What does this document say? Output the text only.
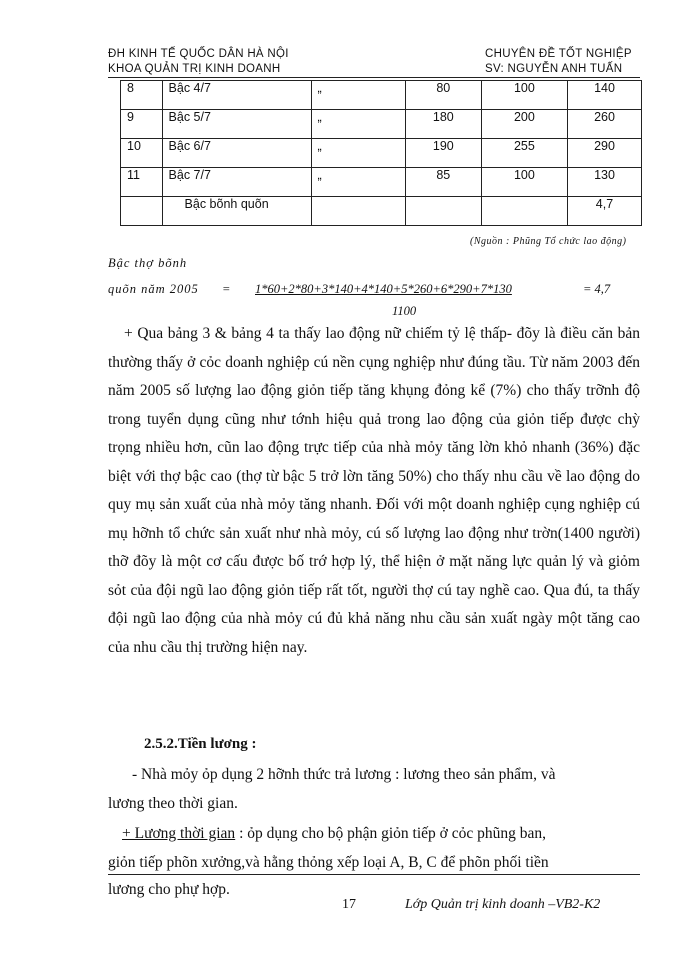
ĐH KINH TẾ QUỐC DÂN HÀ NỘI	CHUYÊN ĐỀ TỐT NGHIỆP
KHOA QUẢN TRỊ KINH DOANH	SV: NGUYỄN ANH TUẤN
8	Bậc 4/7	„	80	100	140
9	Bậc 5/7	„	180	200	260
10	Bậc 6/7	„	190	255	290
11	Bậc 7/7	„	85	100	130
	Bậc bõnh quõn				4,7
(Nguồn : Phũng Tổ chức lao động)
Bậc thợ bõnh
quõn năm 2005 = 1*60+2*80+3*140+4*140+5*260+6*290+7*130	= 4,7
1100
+ Qua bảng 3 & bảng 4 ta thấy lao động nữ chiếm tỷ lệ thấp- đõy là điều căn bản thường thấy ở cỏc doanh nghiệp cú nền cụng nghiệp như đúng tầu. Từ năm 2003 đến năm 2005 số lượng lao động giỏn tiếp tăng khụng đỏng kể (7%) cho thấy trỡnh độ trong tuyển dụng cũng như tớnh hiệu quả trong lao động của giỏn tiếp được chỳ trọng nhiều hơn, cũn lao động trực tiếp của nhà mỏy tăng lờn khỏ nhanh (36%) đặc biệt với thợ bậc cao (thợ từ bậc 5 trở lờn tăng 50%) cho thấy nhu cầu về lao động do quy mụ sản xuất của nhà mỏy tăng nhanh. Đối với một doanh nghiệp cụng nghiệp cú mụ hỡnh tổ chức sản xuất như nhà mỏy, cú số lượng lao động như trờn(1400 người) thỡ đõy là một cơ cấu được bố trớ hợp lý, thể hiện ở mặt năng lực quản lý và giỏm sỏt của đội ngũ lao động giỏn tiếp rất tốt, người thợ cú tay nghề cao. Qua đú, ta thấy đội ngũ lao động của nhà mỏy cú đủ khả năng nhu cầu sản xuất ngày một tăng cao của nhu cầu thị trường hiện nay.
2.5.2.Tiền lương :
- Nhà mỏy ỏp dụng 2 hỡnh thức trả lương : lương theo sản phẩm, và
lương theo thời gian.
+ Lương thời gian : ỏp dụng cho bộ phận giỏn tiếp ở cỏc phũng ban,
giỏn tiếp phõn xưởng,và hằng thỏng xếp loại A, B, C để phõn phối tiền
lương cho phự hợp.
17	Lớp Quản trị kinh doanh –VB2-K2
